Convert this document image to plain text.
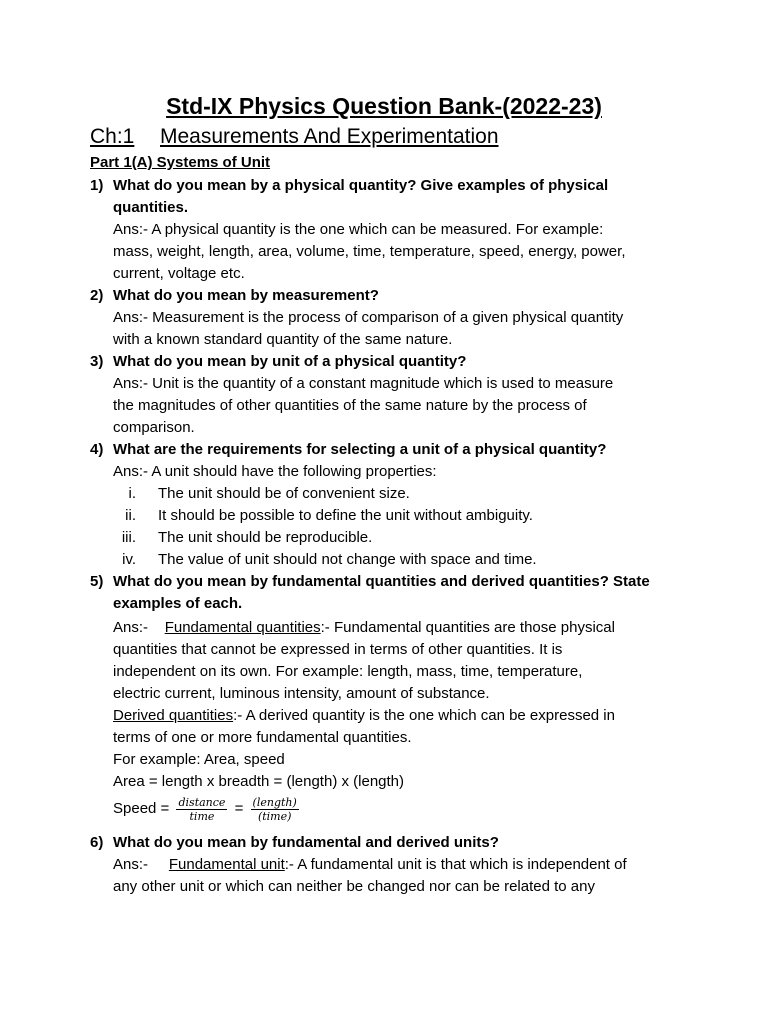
Std-IX Physics Question Bank-(2022-23)
Ch:1 Measurements And Experimentation
Part 1(A) Systems of Unit
1) What do you mean by a physical quantity? Give examples of physical
quantities.
Ans:- A physical quantity is the one which can be measured. For example:
mass, weight, length, area, volume, time, temperature, speed, energy, power,
current, voltage etc.
2) What do you mean by measurement?
Ans:- Measurement is the process of comparison of a given physical quantity
with a known standard quantity of the same nature.
3) What do you mean by unit of a physical quantity?
Ans:- Unit is the quantity of a constant magnitude which is used to measure
the magnitudes of other quantities of the same nature by the process of
comparison.
4) What are the requirements for selecting a unit of a physical quantity?
Ans:- A unit should have the following properties:
i. The unit should be of convenient size.
ii. It should be possible to define the unit without ambiguity.
iii. The unit should be reproducible.
iv. The value of unit should not change with space and time.
5) What do you mean by fundamental quantities and derived quantities? State
examples of each.
Ans:-    Fundamental quantities:- Fundamental quantities are those physical
quantities that cannot be expressed in terms of other quantities. It is
independent on its own. For example: length, mass, time, temperature,
electric current, luminous intensity, amount of substance.
Derived quantities:- A derived quantity is the one which can be expressed in
terms of one or more fundamental quantities.
For example: Area, speed
Area = length x breadth = (length) x (length)
Speed = $\frac{\text{distance}}{\text{time}} = \frac{\text{(length)}}{\text{(time)}}$
6) What do you mean by fundamental and derived units?
Ans:-     Fundamental unit:- A fundamental unit is that which is independent of
any other unit or which can neither be changed nor can be related to any
